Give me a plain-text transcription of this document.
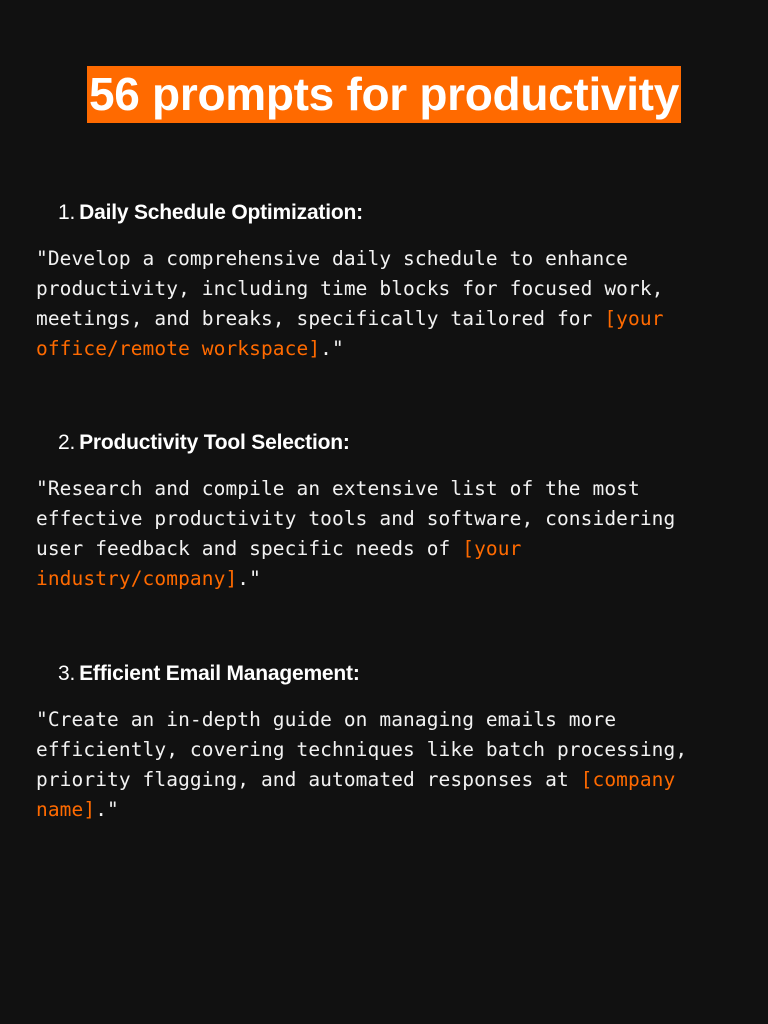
56 prompts for productivity
1. Daily Schedule Optimization:
"Develop a comprehensive daily schedule to enhance
productivity, including time blocks for focused work,
meetings, and breaks, specifically tailored for [your
office/remote workspace]."
2. Productivity Tool Selection:
"Research and compile an extensive list of the most
effective productivity tools and software, considering
user feedback and specific needs of [your
industry/company]."
3. Efficient Email Management:
"Create an in-depth guide on managing emails more
efficiently, covering techniques like batch processing,
priority flagging, and automated responses at [company
name]."
